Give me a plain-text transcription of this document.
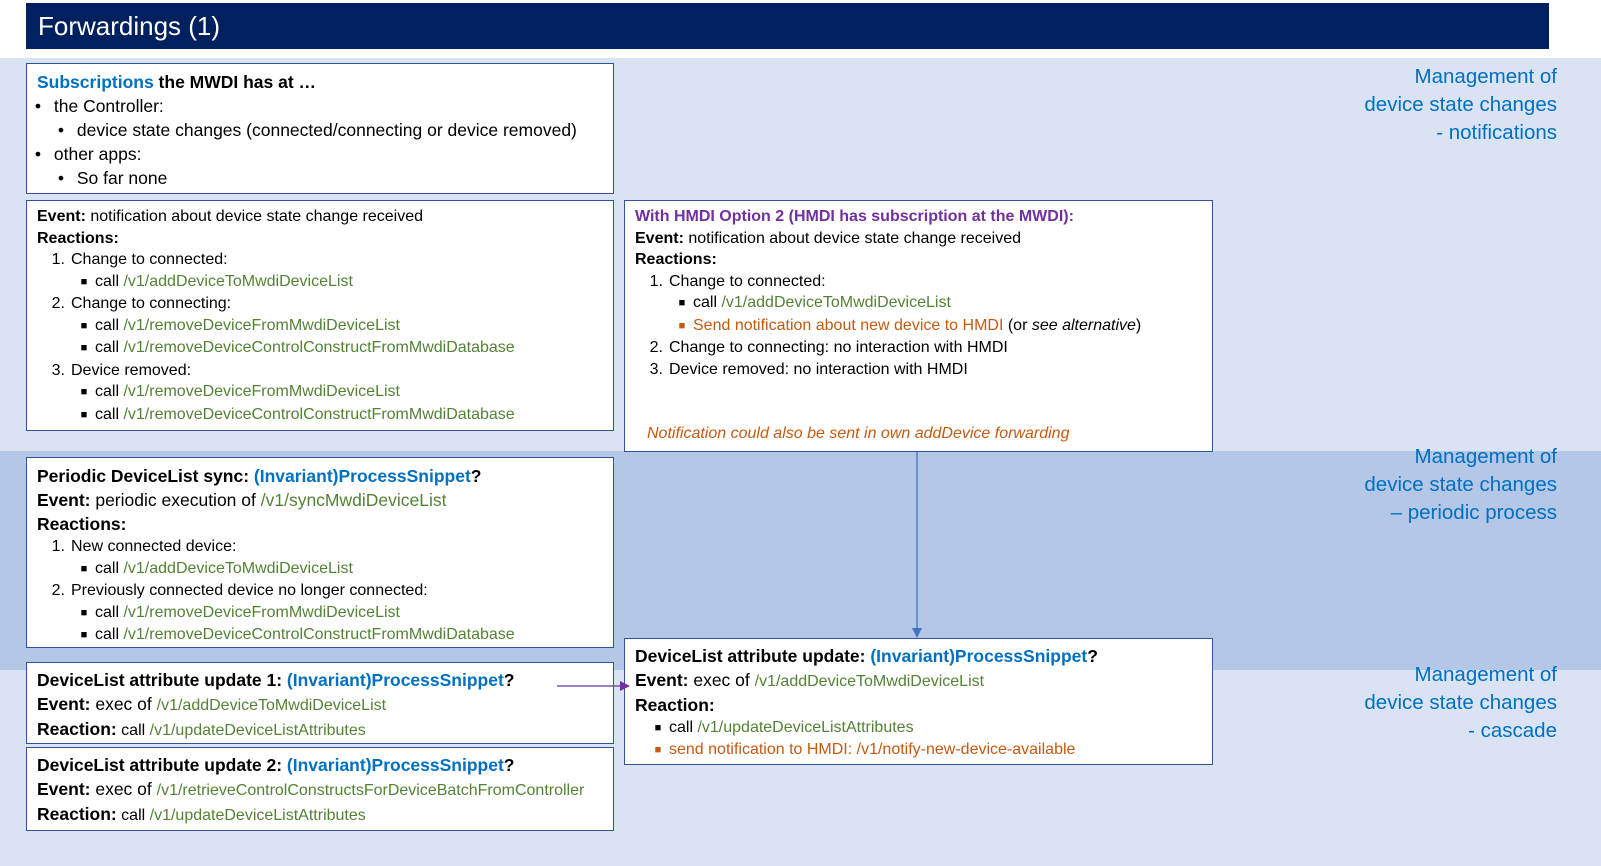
Forwardings (1)
Management of
device state changes
- notifications
Management of
device state changes
– periodic process
Management of
device state changes
- cascade
Subscriptions the MWDI has at …
• the Controller:
• device state changes (connected/connecting or device removed)
• other apps:
• So far none
Event: notification about device state change received
Reactions:
1. Change to connected:
■ call /v1/addDeviceToMwdiDeviceList
2. Change to connecting:
■ call /v1/removeDeviceFromMwdiDeviceList
■ call /v1/removeDeviceControlConstructFromMwdiDatabase
3. Device removed:
■ call /v1/removeDeviceFromMwdiDeviceList
■ call /v1/removeDeviceControlConstructFromMwdiDatabase
With HMDI Option 2 (HMDI has subscription at the MWDI):
Event: notification about device state change received
Reactions:
1. Change to connected:
■ call /v1/addDeviceToMwdiDeviceList
■ Send notification about new device to HMDI (or see alternative)
2. Change to connecting: no interaction with HMDI
3. Device removed: no interaction with HMDI
Notification could also be sent in own addDevice forwarding
Periodic DeviceList sync: (Invariant)ProcessSnippet?
Event: periodic execution of /v1/syncMwdiDeviceList
Reactions:
1. New connected device:
■ call /v1/addDeviceToMwdiDeviceList
2. Previously connected device no longer connected:
■ call /v1/removeDeviceFromMwdiDeviceList
■ call /v1/removeDeviceControlConstructFromMwdiDatabase
DeviceList attribute update 1: (Invariant)ProcessSnippet?
Event: exec of /v1/addDeviceToMwdiDeviceList
Reaction: call /v1/updateDeviceListAttributes
DeviceList attribute update 2: (Invariant)ProcessSnippet?
Event: exec of /v1/retrieveControlConstructsForDeviceBatchFromController
Reaction: call /v1/updateDeviceListAttributes
DeviceList attribute update: (Invariant)ProcessSnippet?
Event: exec of /v1/addDeviceToMwdiDeviceList
Reaction:
■ call /v1/updateDeviceListAttributes
■ send notification to HMDI: /v1/notify-new-device-available
